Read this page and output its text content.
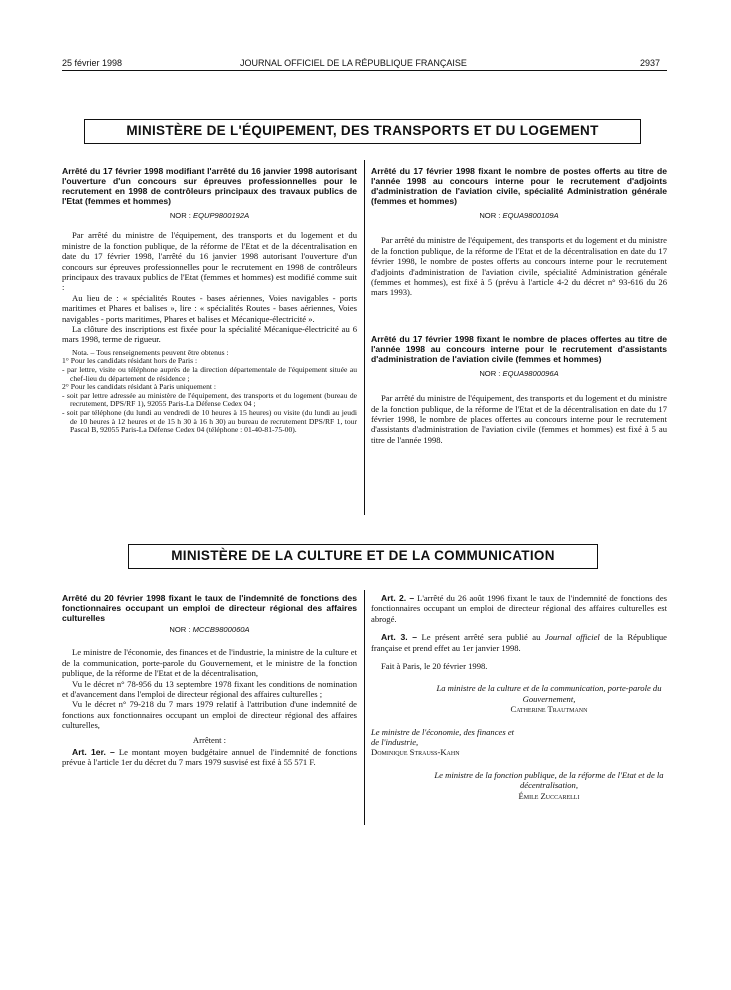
25 février 1998	JOURNAL OFFICIEL DE LA RÉPUBLIQUE FRANÇAISE	2937
MINISTÈRE DE L'ÉQUIPEMENT, DES TRANSPORTS ET DU LOGEMENT
Arrêté du 17 février 1998 modifiant l'arrêté du 16 janvier 1998 autorisant l'ouverture d'un concours sur épreuves professionnelles pour le recrutement en 1998 de contrôleurs principaux des travaux publics de l'Etat (femmes et hommes)
NOR : EQUP9800192A

Par arrêté du ministre de l'équipement, des transports et du logement et du ministre de la fonction publique, de la réforme de l'Etat et de la décentralisation en date du 17 février 1998, l'arrêté du 16 janvier 1998 autorisant l'ouverture d'un concours sur épreuves professionnelles pour le recrutement en 1998 de contrôleurs principaux des travaux publics de l'Etat (femmes et hommes) est modifié comme suit :

Au lieu de : « spécialités Routes - bases aériennes, Voies navigables - ports maritimes et Phares et balises », lire : « spécialités Routes - bases aériennes, Voies navigables - ports maritimes, Phares et balises et Mécanique-électricité ».

La clôture des inscriptions est fixée pour la spécialité Mécanique-électricité au 6 mars 1998, terme de rigueur.

Nota. – Tous renseignements peuvent être obtenus :
1° Pour les candidats résidant hors de Paris :
- par lettre, visite ou téléphone auprès de la direction départementale de l'équipement située au chef-lieu du département de résidence ;
2° Pour les candidats résidant à Paris uniquement :
- soit par lettre adressée au ministère de l'équipement, des transports et du logement (bureau de recrutement, DPS/RF 1), 92055 Paris-La Défense Cedex 04 ;
- soit par téléphone (du lundi au vendredi de 10 heures à 15 heures) ou visite (du lundi au jeudi de 10 heures à 12 heures et de 15 h 30 à 16 h 30) au bureau de recrutement DPS/RF 1, tour Pascal B, 92055 Paris-La Défense Cedex 04 (téléphone : 01-40-81-75-00).
Arrêté du 17 février 1998 fixant le nombre de postes offerts au titre de l'année 1998 au concours interne pour le recrutement d'adjoints d'administration de l'aviation civile, spécialité Administration générale (femmes et hommes)
NOR : EQUA9800109A

Par arrêté du ministre de l'équipement, des transports et du logement et du ministre de la fonction publique, de la réforme de l'Etat et de la décentralisation en date du 17 février 1998, le nombre de postes offerts au concours interne pour le recrutement d'adjoints d'administration de l'aviation civile, spécialité Administration générale (femmes et hommes), est fixé à 5 (prévu à l'article 4-2 du décret n° 93-616 du 26 mars 1993).

Arrêté du 17 février 1998 fixant le nombre de places offertes au titre de l'année 1998 au concours interne pour le recrutement d'assistants d'administration de l'aviation civile (femmes et hommes)
NOR : EQUA9800096A

Par arrêté du ministre de l'équipement, des transports et du logement et du ministre de la fonction publique, de la réforme de l'Etat et de la décentralisation en date du 17 février 1998, le nombre de places offertes au concours interne pour le recrutement d'assistants d'administration de l'aviation civile (femmes et hommes) est fixé à 5 au titre de l'année 1998.

MINISTÈRE DE LA CULTURE ET DE LA COMMUNICATION
Arrêté du 20 février 1998 fixant le taux de l'indemnité de fonctions des fonctionnaires occupant un emploi de directeur régional des affaires culturelles
NOR : MCCB9800060A

Le ministre de l'économie, des finances et de l'industrie, la ministre de la culture et de la communication, porte-parole du Gouvernement, et le ministre de la fonction publique, de la réforme de l'Etat et de la décentralisation,

Vu le décret n° 78-956 du 13 septembre 1978 fixant les conditions de nomination et d'avancement dans l'emploi de directeur régional des affaires culturelles ;

Vu le décret n° 79-218 du 7 mars 1979 relatif à l'attribution d'une indemnité de fonctions aux fonctionnaires occupant un emploi de directeur régional des affaires culturelles,

Arrêtent :

Art. 1er. – Le montant moyen budgétaire annuel de l'indemnité de fonctions prévue à l'article 1er du décret du 7 mars 1979 susvisé est fixé à 55 571 F.

Art. 2. – L'arrêté du 26 août 1996 fixant le taux de l'indemnité de fonctions des fonctionnaires occupant un emploi de directeur régional des affaires culturelles est abrogé.

Art. 3. – Le présent arrêté sera publié au Journal officiel de la République française et prend effet au 1er janvier 1998.

Fait à Paris, le 20 février 1998.

La ministre de la culture et de la communication, porte-parole du Gouvernement,
Catherine Trautmann
Le ministre de l'économie, des finances et de l'industrie,
Dominique Strauss-Kahn
Le ministre de la fonction publique, de la réforme de l'Etat et de la décentralisation,
Émile Zuccarelli
